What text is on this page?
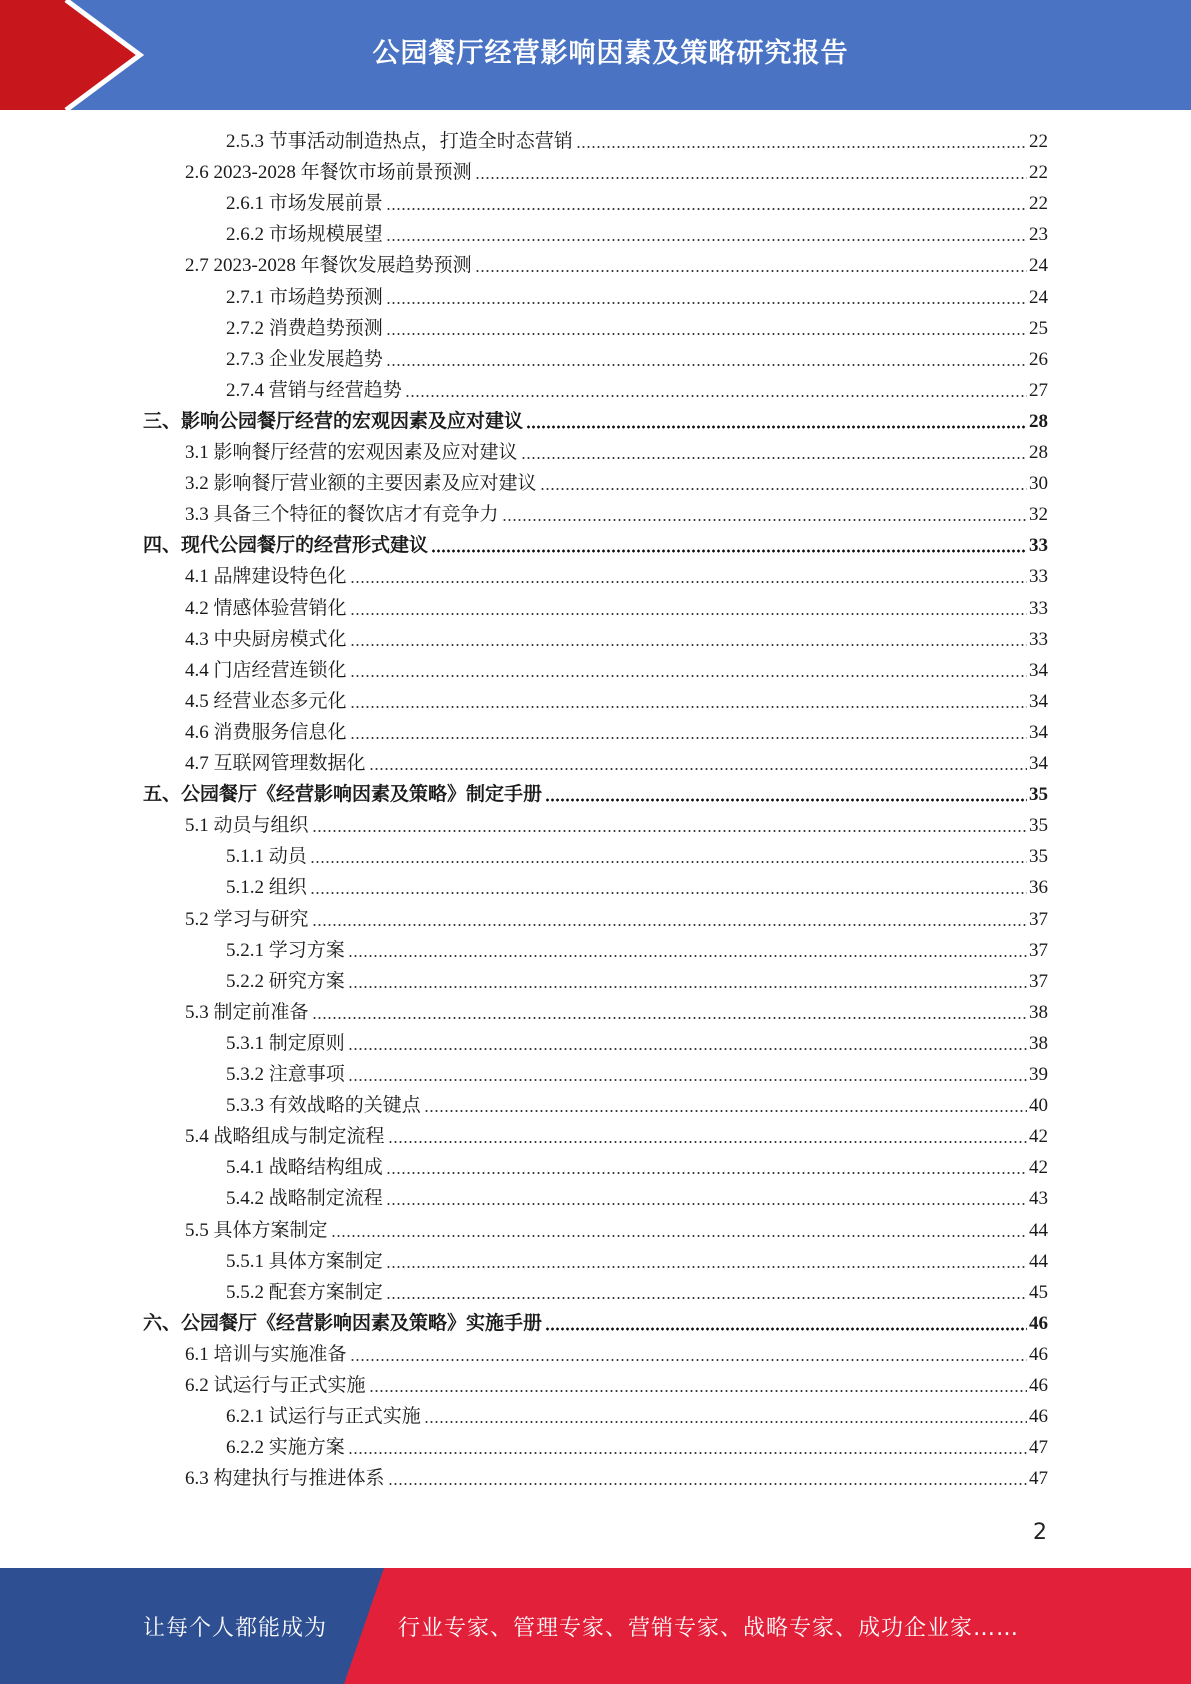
公园餐厅经营影响因素及策略研究报告
2.5.3 节事活动制造热点，打造全时态营销	22
2.6 2023-2028 年餐饮市场前景预测	22
2.6.1 市场发展前景	22
2.6.2 市场规模展望	23
2.7 2023-2028 年餐饮发展趋势预测	24
2.7.1 市场趋势预测	24
2.7.2 消费趋势预测	25
2.7.3 企业发展趋势	26
2.7.4 营销与经营趋势	27
三、影响公园餐厅经营的宏观因素及应对建议	28
3.1 影响餐厅经营的宏观因素及应对建议	28
3.2 影响餐厅营业额的主要因素及应对建议	30
3.3 具备三个特征的餐饮店才有竞争力	32
四、现代公园餐厅的经营形式建议	33
4.1 品牌建设特色化	33
4.2 情感体验营销化	33
4.3 中央厨房模式化	33
4.4 门店经营连锁化	34
4.5 经营业态多元化	34
4.6 消费服务信息化	34
4.7 互联网管理数据化	34
五、公园餐厅《经营影响因素及策略》制定手册	35
5.1 动员与组织	35
5.1.1 动员	35
5.1.2 组织	36
5.2 学习与研究	37
5.2.1 学习方案	37
5.2.2 研究方案	37
5.3 制定前准备	38
5.3.1 制定原则	38
5.3.2 注意事项	39
5.3.3 有效战略的关键点	40
5.4 战略组成与制定流程	42
5.4.1 战略结构组成	42
5.4.2 战略制定流程	43
5.5 具体方案制定	44
5.5.1 具体方案制定	44
5.5.2 配套方案制定	45
六、公园餐厅《经营影响因素及策略》实施手册	46
6.1 培训与实施准备	46
6.2 试运行与正式实施	46
6.2.1 试运行与正式实施	46
6.2.2 实施方案	47
6.3 构建执行与推进体系	47
2
让每个人都能成为	行业专家、管理专家、营销专家、战略专家、成功企业家……
